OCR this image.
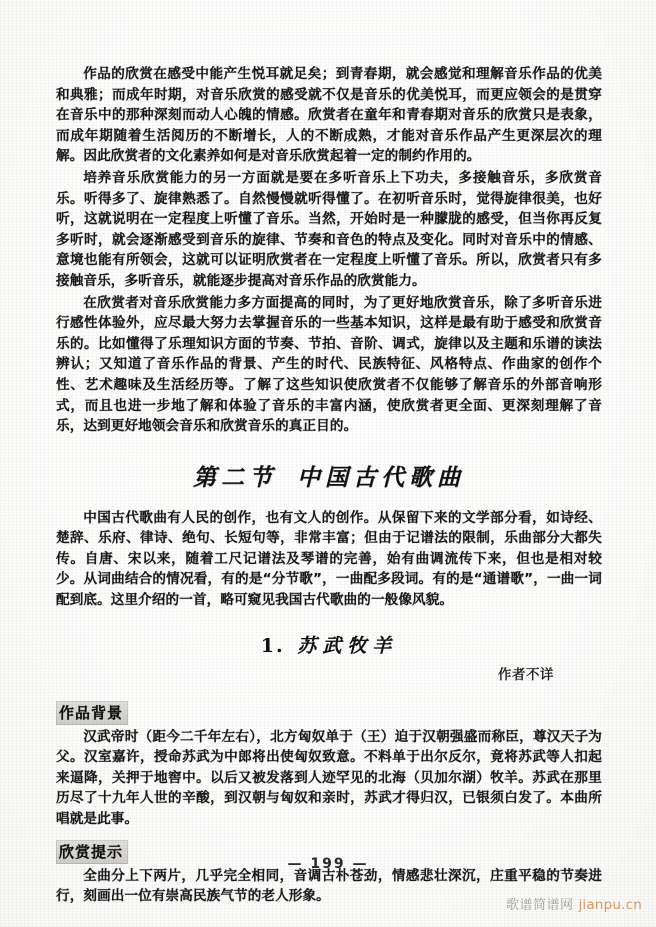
作品的欣赏在感受中能产生悦耳就足矣；到青春期，就会感觉和理解音乐作品的优美和典雅；而成年时期，对音乐欣赏的感受就不仅是音乐的优美悦耳，而更应领会的是贯穿在音乐中的那种深刻而动人心魄的情感。欣赏者在童年和青春期对音乐的欣赏只是表象，而成年期随着生活阅历的不断增长，人的不断成熟，才能对音乐作品产生更深层次的理解。因此欣赏者的文化素养如何是对音乐欣赏起着一定的制约作用的。

培养音乐欣赏能力的另一方面就是要在多听音乐上下功夫，多接触音乐，多欣赏音乐。听得多了、旋律熟悉了。自然慢慢就听得懂了。在初听音乐时，觉得旋律很美，也好听，这就说明在一定程度上听懂了音乐。当然，开始时是一种朦胧的感受，但当你再反复多听时，就会逐渐感受到音乐的旋律、节奏和音色的特点及变化。同时对音乐中的情感、意境也能有所领会，这就可以证明欣赏者在一定程度上听懂了音乐。所以，欣赏者只有多接触音乐，多听音乐，就能逐步提高对音乐作品的欣赏能力。

在欣赏者对音乐欣赏能力多方面提高的同时，为了更好地欣赏音乐，除了多听音乐进行感性体验外，应尽最大努力去掌握音乐的一些基本知识，这样是最有助于感受和欣赏音乐的。比如懂得了乐理知识方面的节奏、节拍、音阶、调式，旋律以及主题和乐谱的读法辨认；又知道了音乐作品的背景、产生的时代、民族特征、风格特点、作曲家的创作个性、艺术趣味及生活经历等。了解了这些知识使欣赏者不仅能够了解音乐的外部音响形式，而且也进一步地了解和体验了音乐的丰富内涵，使欣赏者更全面、更深刻理解了音乐，达到更好地领会音乐和欣赏音乐的真正目的。

第二节 中国古代歌曲

中国古代歌曲有人民的创作，也有文人的创作。从保留下来的文学部分看，如诗经、楚辞、乐府、律诗、绝句、长短句等，非常丰富；但由于记谱法的限制，乐曲部分大都失传。自唐、宋以来，随着工尺记谱法及琴谱的完善，始有曲调流传下来，但也是相对较少。从词曲结合的情况看，有的是“分节歌”，一曲配多段词。有的是“通谱歌”，一曲一词配到底。这里介绍的一首，略可窥见我国古代歌曲的一般像风貌。

1. 苏武牧羊
作者不详
作品背景

汉武帝时（距今二千年左右），北方匈奴单于（王）迫于汉朝强盛而称臣，尊汉天子为父。汉室嘉许，授命苏武为中郎将出使匈奴致意。不料单于出尔反尔，竟将苏武等人扣起来逼降，关押于地窖中。以后又被发落到人迹罕见的北海（贝加尔湖）牧羊。苏武在那里历尽了十九年人世的辛酸，到汉朝与匈奴和亲时，苏武才得归汉，已银须白发了。本曲所唱就是此事。

欣赏提示

全曲分上下两片，几乎完全相同，音调古朴苍劲，情感悲壮深沉，庄重平稳的节奏进行，刻画出一位有崇高民族气节的老人形象。

— 199 —
歌谱简谱网 jianpu.cn
